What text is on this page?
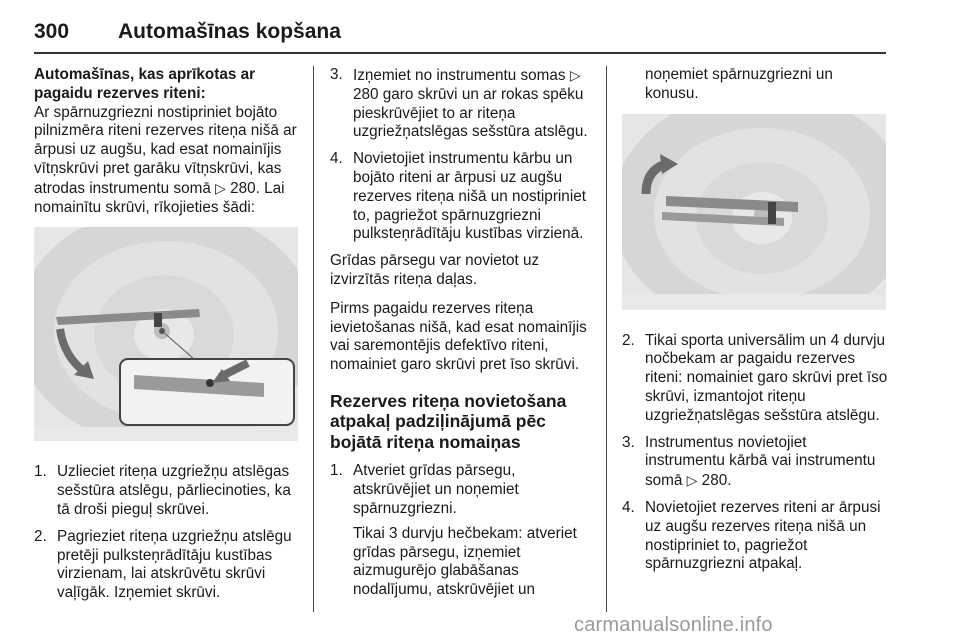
300 Automašīnas kopšana

Automašīnas, kas aprīkotas ar pagaidu rezerves riteni:

Ar spārnuzgriezni nostipriniet bojāto pilnizmēra riteni rezerves riteņa nišā ar ārpusi uz augšu, kad esat nomainījis vītņskrūvi pret garāku vītņskrūvi, kas atrodas instrumentu somā ▷ 280. Lai nomainītu skrūvi, rīkojieties šādi:

1. Uzlieciet riteņa uzgriežņu atslēgas sešstūra atslēgu, pārliecinoties, ka tā droši pieguļ skrūvei.
2. Pagrieziet riteņa uzgriežņu atslēgu pretēji pulksteņrādītāju kustības virzienam, lai atskrūvētu skrūvi vaļīgāk. Izņemiet skrūvi.
3. Izņemiet no instrumentu somas ▷ 280 garo skrūvi un ar rokas spēku pieskrūvējiet to ar riteņa uzgriežņatslēgas sešstūra atslēgu.
4. Novietojiet instrumentu kārbu un bojāto riteni ar ārpusi uz augšu rezerves riteņa nišā un nostipriniet to, pagriežot spārnuzgriezni pulksteņrādītāju kustības virzienā.

Grīdas pārsegu var novietot uz izvirzītās riteņa daļas.

Pirms pagaidu rezerves riteņa ievietošanas nišā, kad esat nomainījis vai saremontējis defektīvo riteni, nomainiet garo skrūvi pret īso skrūvi.

Rezerves riteņa novietošana atpakaļ padziļinājumā pēc bojātā riteņa nomaiņas
1. Atveriet grīdas pārsegu, atskrūvējiet un noņemiet spārnuzgriezni.

Tikai 3 durvju hečbekam: atveriet grīdas pārsegu, izņemiet aizmugurējo glabāšanas nodalījumu, atskrūvējiet un

noņemiet spārnuzgriezni un konusu.

2. Tikai sporta universālim un 4 durvju nočbekam ar pagaidu rezerves riteni: nomainiet garo skrūvi pret īso skrūvi, izmantojot riteņu uzgriežņatslēgas sešstūra atslēgu.
3. Instrumentus novietojiet instrumentu kārbā vai instrumentu somā ▷ 280.
4. Novietojiet rezerves riteni ar ārpusi uz augšu rezerves riteņa nišā un nostipriniet to, pagriežot spārnuzgriezni atpakaļ.
carmanualsonline.info
